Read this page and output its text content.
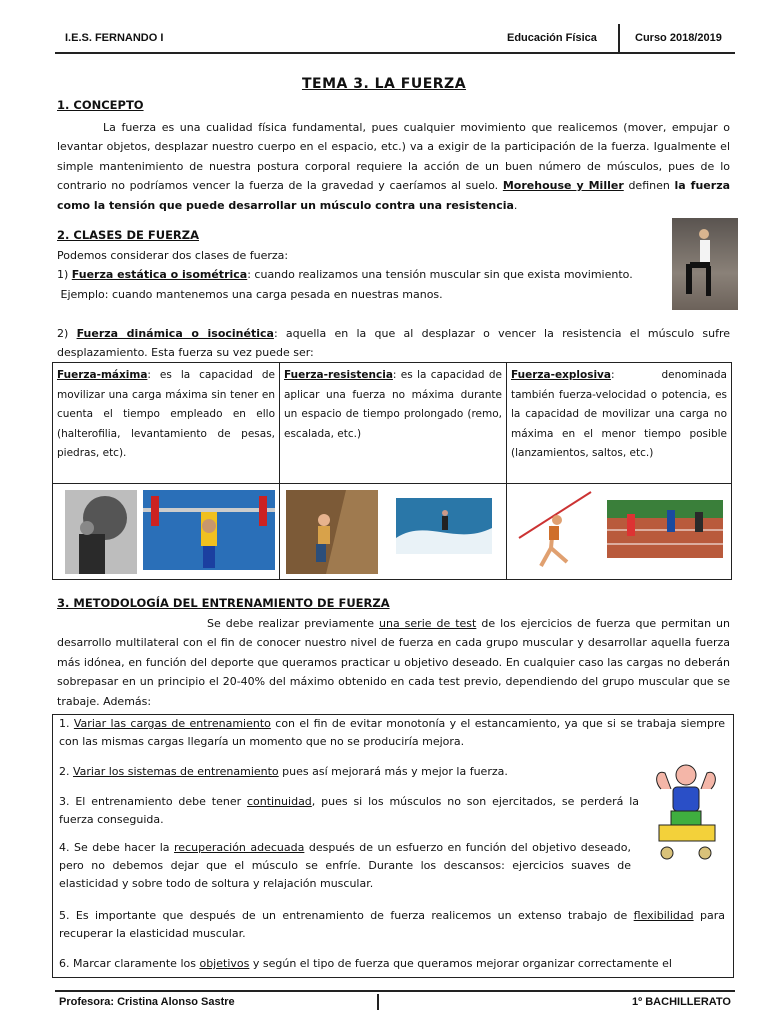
I.E.S. FERNANDO I	Educación Física	Curso 2018/2019
TEMA 3. LA FUERZA
1. CONCEPTO
La fuerza es una cualidad física fundamental, pues cualquier movimiento que realicemos (mover, empujar o levantar objetos, desplazar nuestro cuerpo en el espacio, etc.) va a exigir de la participación de la fuerza. Igualmente el simple mantenimiento de nuestra postura corporal requiere la acción de un buen número de músculos, pues de lo contrario no podríamos vencer la fuerza de la gravedad y caeríamos al suelo. Morehouse y Miller definen la fuerza como la tensión que puede desarrollar un músculo contra una resistencia.
2. CLASES DE FUERZA
Podemos considerar dos clases de fuerza:
1) Fuerza estática o isométrica: cuando realizamos una tensión muscular sin que exista movimiento.
Ejemplo: cuando mantenemos una carga pesada en nuestras manos.
2) Fuerza dinámica o isocinética: aquella en la que al desplazar o vencer la resistencia el músculo sufre desplazamiento. Esta fuerza su vez puede ser:
Fuerza-máxima: es la capacidad de movilizar una carga máxima sin tener en cuenta el tiempo empleado en ello (halterofilia, levantamiento de pesas, piedras, etc).	Fuerza-resistencia: es la capacidad de aplicar una fuerza no máxima durante un espacio de tiempo prolongado (remo, escalada, etc.)	Fuerza-explosiva: denominada también fuerza-velocidad o potencia, es la capacidad de movilizar una carga no máxima en el menor tiempo posible (lanzamientos, saltos, etc.)

3. METODOLOGÍA DEL ENTRENAMIENTO DE FUERZA
Se debe realizar previamente una serie de test de los ejercicios de fuerza que permitan un desarrollo multilateral con el fin de conocer nuestro nivel de fuerza en cada grupo muscular y desarrollar aquella fuerza más idónea, en función del deporte que queramos practicar u objetivo deseado. En cualquier caso las cargas no deberán sobrepasar en un principio el 20-40% del máximo obtenido en cada test previo, dependiendo del grupo muscular que se trabaje. Además:
1. Variar las cargas de entrenamiento con el fin de evitar monotonía y el estancamiento, ya que si se trabaja siempre con las mismas cargas llegaría un momento que no se produciría mejora.
2. Variar los sistemas de entrenamiento pues así mejorará más y mejor la fuerza.
3. El entrenamiento debe tener continuidad, pues si los músculos no son ejercitados, se perderá la fuerza conseguida.
4. Se debe hacer la recuperación adecuada después de un esfuerzo en función del objetivo deseado, pero no debemos dejar que el músculo se enfríe. Durante los descansos: ejercicios suaves de elasticidad y sobre todo de soltura y relajación muscular.
5. Es importante que después de un entrenamiento de fuerza realicemos un extenso trabajo de flexibilidad para recuperar la elasticidad muscular.
6. Marcar claramente los objetivos y según el tipo de fuerza que queramos mejorar organizar correctamente el
Profesora: Cristina Alonso Sastre	1º BACHILLERATO
